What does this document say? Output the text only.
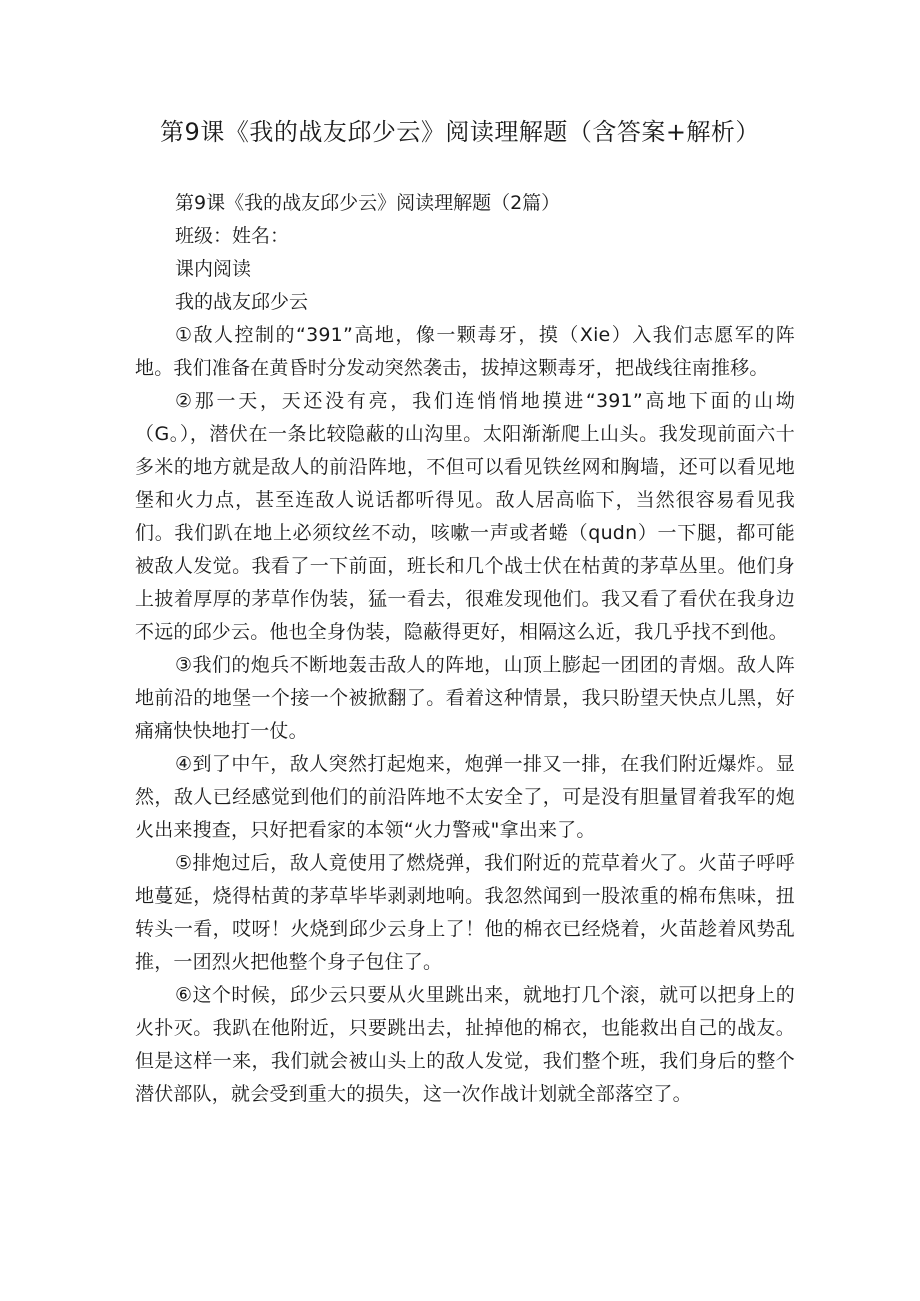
第9课《我的战友邱少云》阅读理解题（含答案+解析）

第9课《我的战友邱少云》阅读理解题（2篇）

班级：姓名：

课内阅读

我的战友邱少云

①敌人控制的“391”高地，像一颗毒牙，摸（Xie）入我们志愿军的阵地。我们准备在黄昏时分发动突然袭击，拔掉这颗毒牙，把战线往南推移。

②那一天，天还没有亮，我们连悄悄地摸进“391”高地下面的山坳（G。），潜伏在一条比较隐蔽的山沟里。太阳渐渐爬上山头。我发现前面六十多米的地方就是敌人的前沿阵地，不但可以看见铁丝网和胸墙，还可以看见地堡和火力点，甚至连敌人说话都听得见。敌人居高临下，当然很容易看见我们。我们趴在地上必须纹丝不动，咳嗽一声或者蜷（qudn）一下腿，都可能被敌人发觉。我看了一下前面，班长和几个战士伏在枯黄的茅草丛里。他们身上披着厚厚的茅草作伪装，猛一看去，很难发现他们。我又看了看伏在我身边不远的邱少云。他也全身伪装，隐蔽得更好，相隔这么近，我几乎找不到他。

③我们的炮兵不断地轰击敌人的阵地，山顶上膨起一团团的青烟。敌人阵地前沿的地堡一个接一个被掀翻了。看着这种情景，我只盼望天快点儿黑，好痛痛快快地打一仗。

④到了中午，敌人突然打起炮来，炮弹一排又一排，在我们附近爆炸。显然，敌人已经感觉到他们的前沿阵地不太安全了，可是没有胆量冒着我军的炮火出来搜查，只好把看家的本领“火力警戒"拿出来了。

⑤排炮过后，敌人竟使用了燃烧弹，我们附近的荒草着火了。火苗子呼呼地蔓延，烧得枯黄的茅草毕毕剥剥地响。我忽然闻到一股浓重的棉布焦味，扭转头一看，哎呀！火烧到邱少云身上了！他的棉衣已经烧着，火苗趁着风势乱推，一团烈火把他整个身子包住了。

⑥这个时候，邱少云只要从火里跳出来，就地打几个滚，就可以把身上的火扑灭。我趴在他附近，只要跳出去，扯掉他的棉衣，也能救出自己的战友。但是这样一来，我们就会被山头上的敌人发觉，我们整个班，我们身后的整个潜伏部队，就会受到重大的损失，这一次作战计划就全部落空了。
